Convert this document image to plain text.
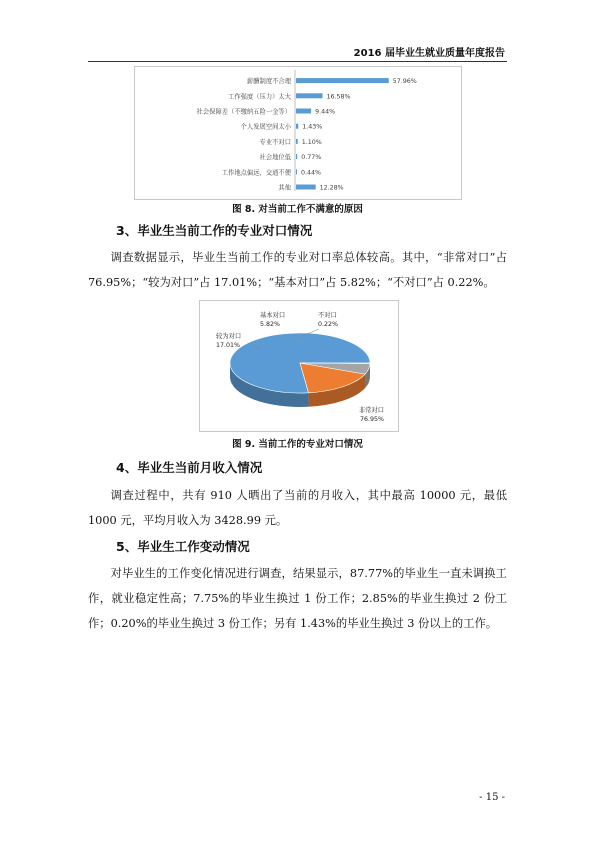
2016 届毕业生就业质量年度报告
薪酬制度不合理	57.96%
工作强度（压力）太大	16.58%
社会保障差（不缴纳五险一金等）	9.44%
个人发展空间太小 1.43%
专业不对口 1.10%
社会地位低 0.77%
工作地点偏远，交通不便 0.44%
其他	12.28%
图 8. 对当前工作不满意的原因
3、毕业生当前工作的专业对口情况
调查数据显示，毕业生当前工作的专业对口率总体较高。其中，“非常对口”占 76.95%；“较为对口”占 17.01%；“基本对口”占 5.82%；“不对口”占 0.22%。
非常对口
76.95%
较为对口
17.01%
基本对口
5.82%
不对口
0.22%
图 9. 当前工作的专业对口情况
4、毕业生当前月收入情况
调查过程中，共有 910 人晒出了当前的月收入，其中最高 10000 元，最低 1000 元，平均月收入为 3428.99 元。
5、毕业生工作变动情况
对毕业生的工作变化情况进行调查，结果显示，87.77%的毕业生一直未调换工作，就业稳定性高；7.75%的毕业生换过 1 份工作；2.85%的毕业生换过 2 份工作；0.20%的毕业生换过 3 份工作；另有 1.43%的毕业生换过 3 份以上的工作。
- 15 -
